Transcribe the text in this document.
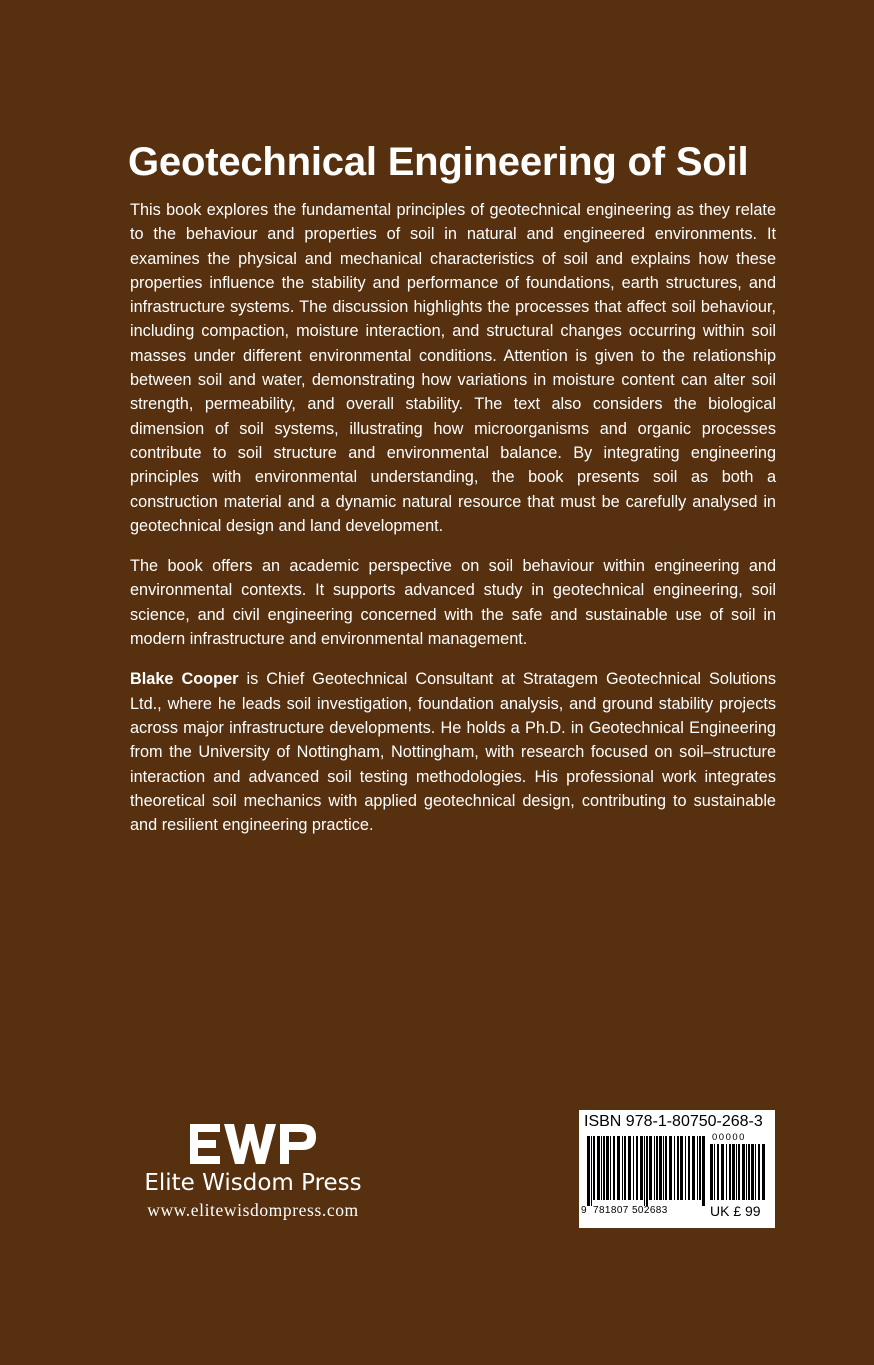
Geotechnical Engineering of Soil

This book explores the fundamental principles of geotechnical engineering as they relate to the behaviour and properties of soil in natural and engineered environments. It examines the physical and mechanical characteristics of soil and explains how these properties influence the stability and performance of foundations, earth structures, and infrastructure systems. The discussion highlights the processes that affect soil behaviour, including compaction, moisture interaction, and structural changes occurring within soil masses under different environmental conditions. Attention is given to the relationship between soil and water, demonstrating how variations in moisture content can alter soil strength, permeability, and overall stability. The text also considers the biological dimension of soil systems, illustrating how microorganisms and organic processes contribute to soil structure and environmental balance. By integrating engineering principles with environmental understanding, the book presents soil as both a construction material and a dynamic natural resource that must be carefully analysed in geotechnical design and land development.

The book offers an academic perspective on soil behaviour within engineering and environmental contexts. It supports advanced study in geotechnical engineering, soil science, and civil engineering concerned with the safe and sustainable use of soil in modern infrastructure and environmental management.

Blake Cooper is Chief Geotechnical Consultant at Stratagem Geotechnical Solutions Ltd., where he leads soil investigation, foundation analysis, and ground stability projects across major infrastructure developments. He holds a Ph.D. in Geotechnical Engineering from the University of Nottingham, Nottingham, with research focused on soil–structure interaction and advanced soil testing methodologies. His professional work integrates theoretical soil mechanics with applied geotechnical design, contributing to sustainable and resilient engineering practice.

Elite Wisdom Press
www.elitewisdompress.com
ISBN 978-1-80750-268-3
00000
9 781807 502683	UK £ 99
